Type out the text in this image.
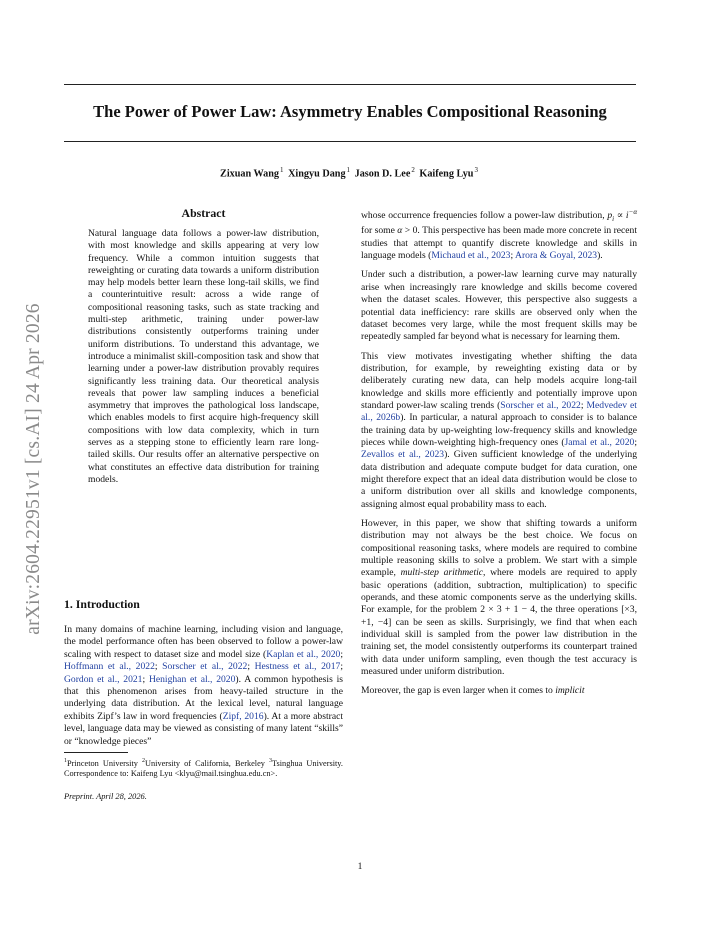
arXiv:2604.22951v1 [cs.AI] 24 Apr 2026
The Power of Power Law: Asymmetry Enables Compositional Reasoning
Zixuan Wang$^1$ Xingyu Dang$^1$ Jason D. Lee$^2$ Kaifeng Lyu$^3$
Abstract

Natural language data follows a power-law distribution, with most knowledge and skills appearing at very low frequency. While a common intuition suggests that reweighting or curating data towards a uniform distribution may help models better learn these long-tail skills, we find a counterintuitive result: across a wide range of compositional reasoning tasks, such as state tracking and multi-step arithmetic, training under power-law distributions consistently outperforms training under uniform distributions. To understand this advantage, we introduce a minimalist skill-composition task and show that learning under a power-law distribution provably requires significantly less training data. Our theoretical analysis reveals that power law sampling induces a beneficial asymmetry that improves the pathological loss landscape, which enables models to first acquire high-frequency skill compositions with low data complexity, which in turn serves as a stepping stone to efficiently learn rare long-tailed skills. Our results offer an alternative perspective on what constitutes an effective data distribution for training models.

1. Introduction

In many domains of machine learning, including vision and language, the model performance often has been observed to follow a power-law scaling with respect to dataset size and model size (Kaplan et al., 2020; Hoffmann et al., 2022; Sorscher et al., 2022; Hestness et al., 2017; Gordon et al., 2021; Henighan et al., 2020). A common hypothesis is that this phenomenon arises from heavy-tailed structure in the underlying data distribution. At the lexical level, natural language exhibits Zipf’s law in word frequencies (Zipf, 2016). At a more abstract level, language data may be viewed as consisting of many latent “skills” or “knowledge pieces”

$^1$Princeton University $^2$University of California, Berkeley $^3$Tsinghua University. Correspondence to: Kaifeng Lyu <klyu@mail.tsinghua.edu.cn>.

Preprint. April 28, 2026.

whose occurrence frequencies follow a power-law distribution, $p_i \propto i^{-\alpha}$ for some α > 0. This perspective has been made more concrete in recent studies that attempt to quantify discrete knowledge and skills in language models (Michaud et al., 2023; Arora & Goyal, 2023).

Under such a distribution, a power-law learning curve may naturally arise when increasingly rare knowledge and skills become covered when the dataset scales. However, this perspective also suggests a potential data inefficiency: rare skills are observed only when the dataset becomes very large, while the most frequent skills may be repeatedly sampled far beyond what is necessary for learning them.

This view motivates investigating whether shifting the data distribution, for example, by reweighting existing data or by deliberately curating new data, can help models acquire long-tail knowledge and skills more efficiently and potentially improve upon standard power-law scaling trends (Sorscher et al., 2022; Medvedev et al., 2026b). In particular, a natural approach to consider is to balance the training data by up-weighting low-frequency skills and knowledge pieces while down-weighting high-frequency ones (Jamal et al., 2020; Zevallos et al., 2023). Given sufficient knowledge of the underlying data distribution and adequate compute budget for data curation, one might therefore expect that an ideal data distribution would be close to a uniform distribution over all skills and knowledge components, assigning almost equal probability mass to each.

However, in this paper, we show that shifting towards a uniform distribution may not always be the best choice. We focus on compositional reasoning tasks, where models are required to combine multiple reasoning skills to solve a problem. We start with a simple example, multi-step arithmetic, where models are required to apply basic operations (addition, subtraction, multiplication) to specific operands, and these atomic components serve as the underlying skills. For example, for the problem 2 × 3 + 1 − 4, the three operations [×3, +1, −4] can be seen as skills. Surprisingly, we find that when each individual skill is sampled from the power law distribution in the training set, the model consistently outperforms its counterpart trained with data under uniform sampling, even though the test accuracy is measured under uniform distribution.

Moreover, the gap is even larger when it comes to implicit

1
